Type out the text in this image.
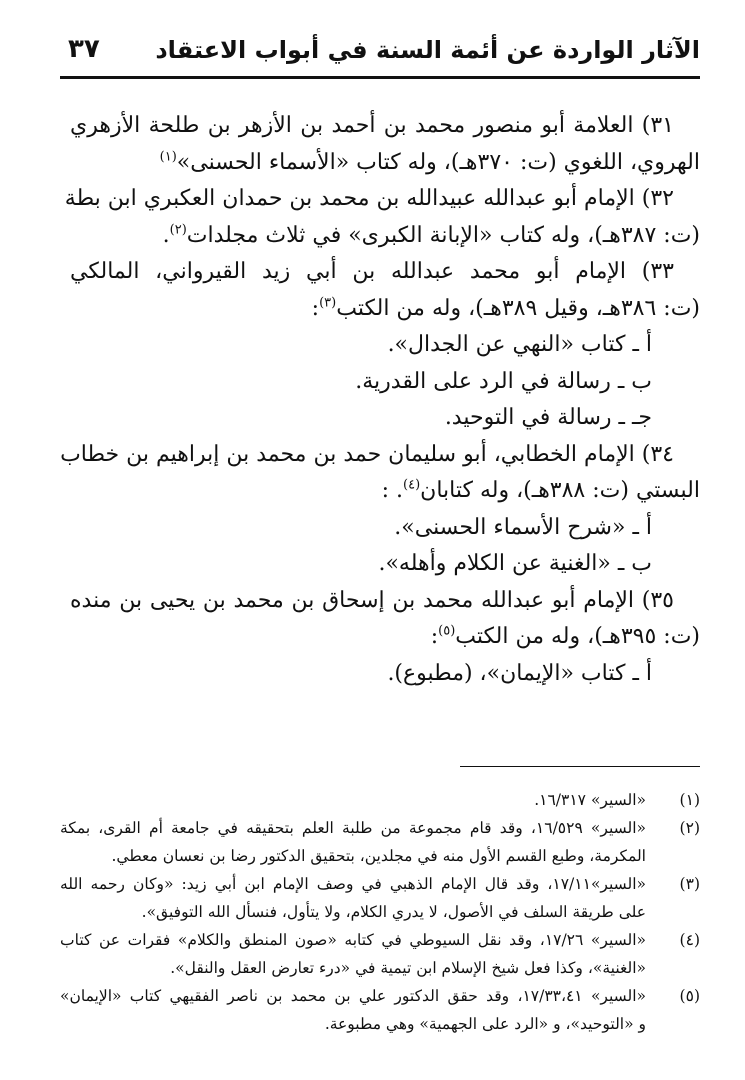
الآثار الواردة عن أئمة السنة في أبواب الاعتقاد
٣٧
٣١) العلامة أبو منصور محمد بن أحمد بن الأزهر بن طلحة الأزهري
الهروي، اللغوي (ت: ٣٧٠هـ)، وله كتاب «الأسماء الحسنى»$^{(١)}$
٣٢) الإمام أبو عبدالله عبيدالله بن محمد بن حمدان العكبري ابن بطة
(ت: ٣٨٧هـ)، وله كتاب «الإبانة الكبرى» في ثلاث مجلدات$^{(٢)}$.
٣٣) الإمام أبو محمد عبدالله بن أبي زيد القيرواني، المالكي
(ت: ٣٨٦هـ، وقيل ٣٨٩هـ)، وله من الكتب$^{(٣)}$:
أ ـ كتاب «النهي عن الجدال».
ب ـ رسالة في الرد على القدرية.
جـ ـ رسالة في التوحيد.
٣٤) الإمام الخطابي، أبو سليمان حمد بن محمد بن إبراهيم بن خطاب
البستي (ت: ٣٨٨هـ)، وله كتابان$^{(٤)}$. :
أ ـ «شرح الأسماء الحسنى».
ب ـ «الغنية عن الكلام وأهله».
٣٥) الإمام أبو عبدالله محمد بن إسحاق بن محمد بن يحيى بن منده
(ت: ٣٩٥هـ)، وله من الكتب$^{(٥)}$:
أ ـ كتاب «الإيمان»، (مطبوع).
(١)
«السير» ١٦/٣١٧.
(٢)
«السير» ١٦/٥٢٩، وقد قام مجموعة من طلبة العلم بتحقيقه في جامعة أم القرى، بمكة
المكرمة، وطبع القسم الأول منه في مجلدين، بتحقيق الدكتور رضا بن نعسان معطي.
(٣)
«السير»١٧/١١، وقد قال الإمام الذهبي في وصف الإمام ابن أبي زيد: «وكان رحمه الله
على طريقة السلف في الأصول، لا يدري الكلام، ولا يتأول، فنسأل الله التوفيق».
(٤)
«السير» ١٧/٢٦، وقد نقل السيوطي في كتابه «صون المنطق والكلام» فقرات عن كتاب
«الغنية»، وكذا فعل شيخ الإسلام ابن تيمية في «درء تعارض العقل والنقل».
(٥)
«السير» ١٧/٣٣،٤١، وقد حقق الدكتور علي بن محمد بن ناصر الفقيهي كتاب «الإيمان»
و «التوحيد»، و «الرد على الجهمية» وهي مطبوعة.
